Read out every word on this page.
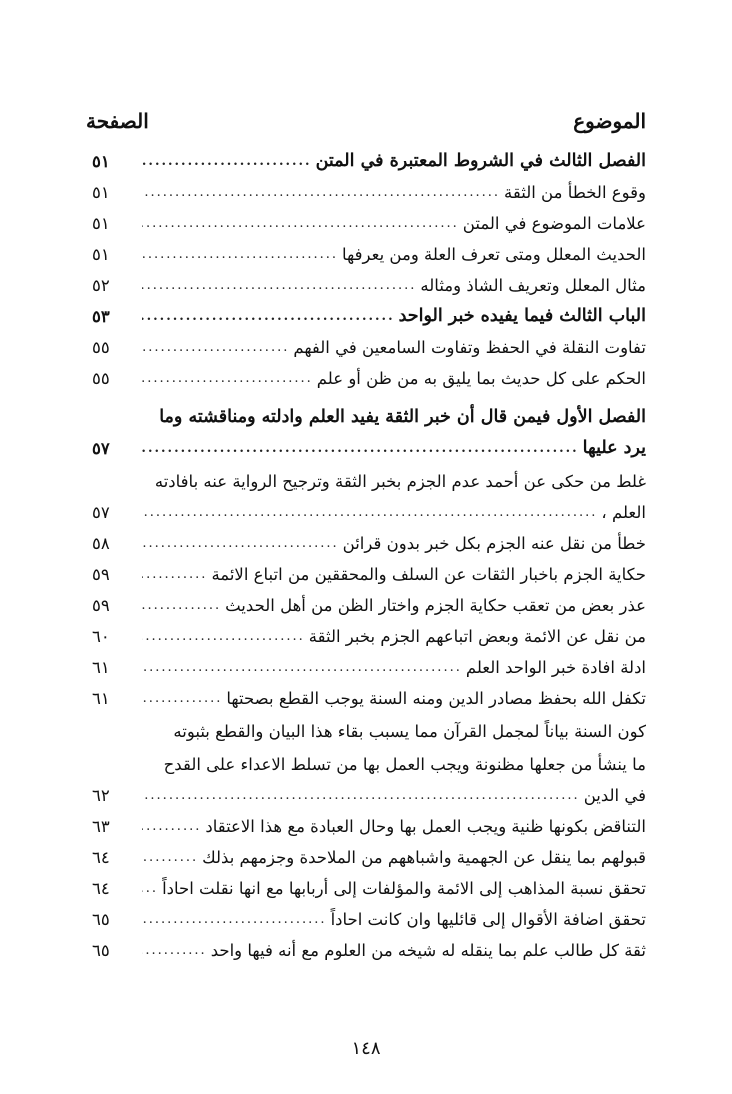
الموضوع
الصفحة
الفصل الثالث في الشروط المعتبرة في المتن
.....
٥١
وقوع الخطأ من الثقة
.....
٥١
علامات الموضوع في المتن
.....
٥١
الحديث المعلل ومتى تعرف العلة ومن يعرفها
.....
٥١
مثال المعلل وتعريف الشاذ ومثاله
.....
٥٢
الباب الثالث فيما يفيده خبر الواحد
.....
٥٣
تفاوت النقلة في الحفظ وتفاوت السامعين في الفهم
.....
٥٥
الحكم على كل حديث بما يليق به من ظن أو علم
.....
٥٥
الفصل الأول فيمن قال أن خبر الثقة يفيد العلم وادلته ومناقشته وما
يرد عليها
.....
٥٧
غلط من حكى عن أحمد عدم الجزم بخبر الثقة وترجيح الرواية عنه بافادته
العلم ،
.....
٥٧
خطأ من نقل عنه الجزم بكل خبر بدون قرائن
.....
٥٨
حكاية الجزم باخبار الثقات عن السلف والمحققين من اتباع الائمة
.....
٥٩
عذر بعض من تعقب حكاية الجزم واختار الظن من أهل الحديث
.....
٥٩
من نقل عن الائمة وبعض اتباعهم الجزم بخبر الثقة
.....
٦٠
ادلة افادة خبر الواحد العلم
.....
٦١
تكفل الله بحفظ مصادر الدين ومنه السنة يوجب القطع بصحتها
.....
٦١
كون السنة بياناً لمجمل القرآن مما يسبب بقاء هذا البيان والقطع بثبوته
ما ينشأ من جعلها مظنونة ويجب العمل بها من تسلط الاعداء على القدح
في الدين
.....
٦٢
التناقض بكونها ظنية ويجب العمل بها وحال العبادة مع هذا الاعتقاد
.....
٦٣
قبولهم بما ينقل عن الجهمية واشباههم من الملاحدة وجزمهم بذلك
.....
٦٤
تحقق نسبة المذاهب إلى الائمة والمؤلفات إلى أربابها مع انها نقلت احاداً
.....
٦٤
تحقق اضافة الأقوال إلى قائليها وان كانت احاداً
.....
٦٥
ثقة كل طالب علم بما ينقله له شيخه من العلوم مع أنه فيها واحد
.....
٦٥
١٤٨
